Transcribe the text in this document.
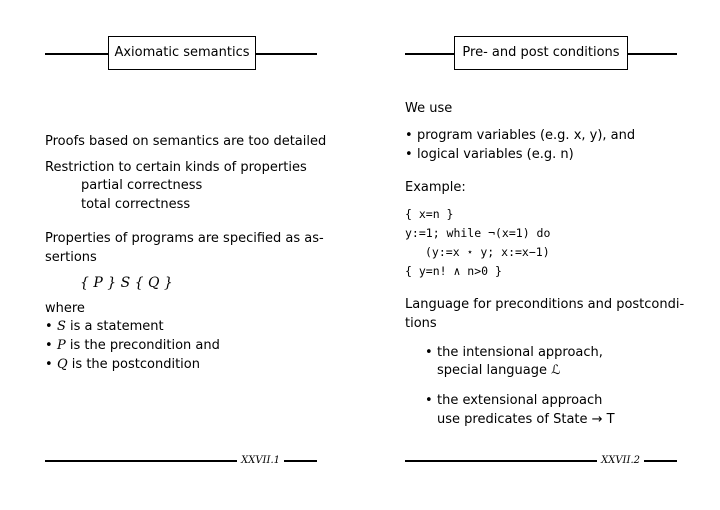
Axiomatic semantics
Proofs based on semantics are too detailed
Restriction to certain kinds of properties
partial correctness
total correctness
Properties of programs are specified as as-
sertions
{ P } S { Q }
where
• S is a statement
• P is the precondition and
• Q is the postcondition
XXVII.1
Pre- and post conditions
We use
• program variables (e.g. x, y), and
• logical variables (e.g. n)
Example:
{ x=n }
y:=1; while ¬(x=1) do
(y:=x ⋆ y; x:=x−1)
{ y=n! ∧ n>0 }
Language for preconditions and postcondi-
tions
• the intensional approach,
special language ℒ
• the extensional approach
use predicates of State → T
XXVII.2
